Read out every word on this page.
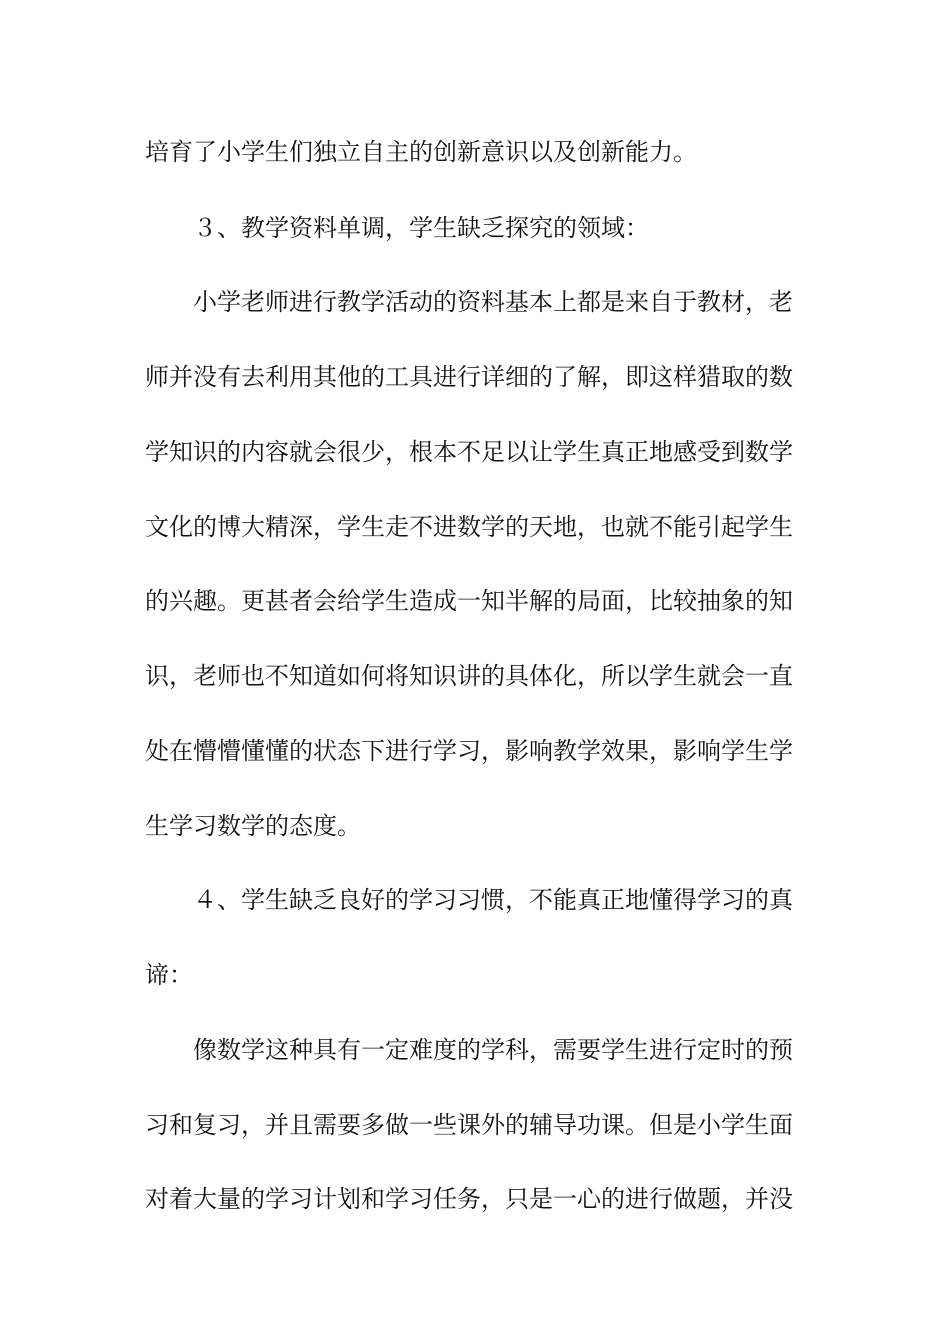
培育了小学生们独立自主的创新意识以及创新能力。

３、教学资料单调，学生缺乏探究的领域：

小学老师进行教学活动的资料基本上都是来自于教材，老

师并没有去利用其他的工具进行详细的了解，即这样猎取的数

学知识的内容就会很少，根本不足以让学生真正地感受到数学

文化的博大精深，学生走不进数学的天地，也就不能引起学生

的兴趣。更甚者会给学生造成一知半解的局面，比较抽象的知

识，老师也不知道如何将知识讲的具体化，所以学生就会一直

处在懵懵懂懂的状态下进行学习，影响教学效果，影响学生学

生学习数学的态度。

４、学生缺乏良好的学习习惯，不能真正地懂得学习的真

谛：

像数学这种具有一定难度的学科，需要学生进行定时的预

习和复习，并且需要多做一些课外的辅导功课。但是小学生面

对着大量的学习计划和学习任务，只是一心的进行做题，并没
